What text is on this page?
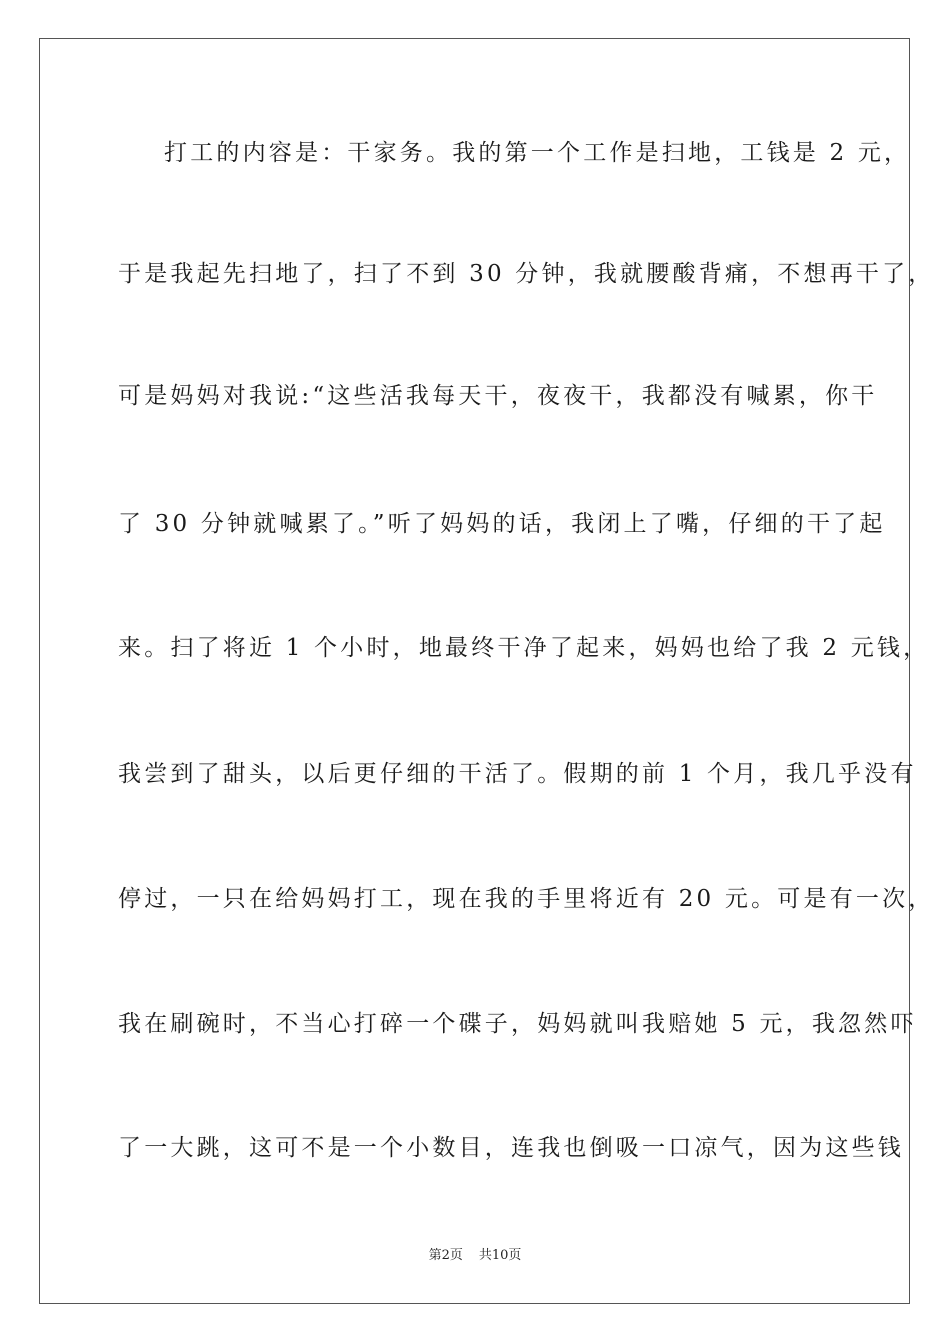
打工的内容是：干家务。我的第一个工作是扫地，工钱是 2 元，
于是我起先扫地了，扫了不到 30 分钟，我就腰酸背痛，不想再干了，
可是妈妈对我说:“这些活我每天干，夜夜干，我都没有喊累，你干
了 30 分钟就喊累了。”听了妈妈的话，我闭上了嘴，仔细的干了起
来。扫了将近 1 个小时，地最终干净了起来，妈妈也给了我 2 元钱，
我尝到了甜头，以后更仔细的干活了。假期的前 1 个月，我几乎没有
停过，一只在给妈妈打工，现在我的手里将近有 20 元。可是有一次，
我在刷碗时，不当心打碎一个碟子，妈妈就叫我赔她 5 元，我忽然吓
了一大跳，这可不是一个小数目，连我也倒吸一口凉气，因为这些钱
第2页 共10页
